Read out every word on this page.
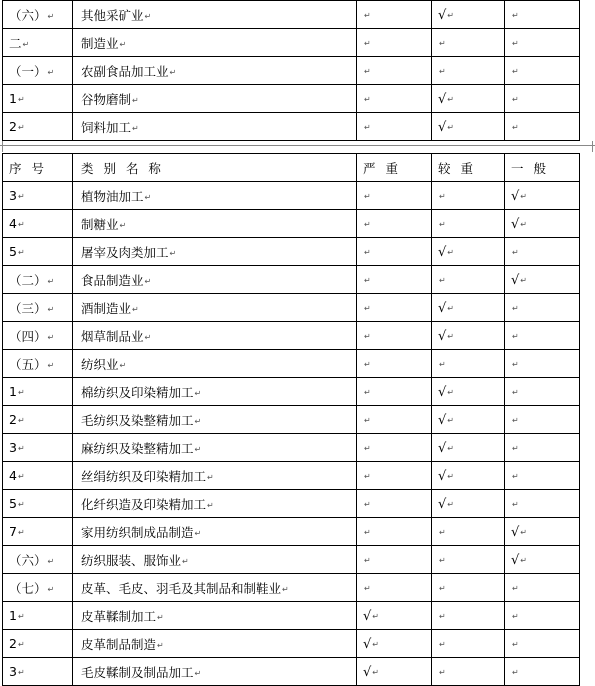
（六）↵	其他采矿业↵	↵	√↵	↵
二↵	制造业↵	↵	↵	↵
（一）↵	农副食品加工业↵	↵	↵	↵
1↵	谷物磨制↵	↵	√↵	↵
2↵	饲料加工↵	↵	√↵	↵
序 号	类 别 名 称	严 重	较 重	一 般
3↵	植物油加工↵	↵	↵	√↵
4↵	制糖业↵	↵	↵	√↵
5↵	屠宰及肉类加工↵	↵	√↵	↵
（二）↵	食品制造业↵	↵	↵	√↵
（三）↵	酒制造业↵	↵	√↵	↵
（四）↵	烟草制品业↵	↵	√↵	↵
（五）↵	纺织业↵	↵	↵	↵
1↵	棉纺织及印染精加工↵	↵	√↵	↵
2↵	毛纺织及染整精加工↵	↵	√↵	↵
3↵	麻纺织及染整精加工↵	↵	√↵	↵
4↵	丝绢纺织及印染精加工↵	↵	√↵	↵
5↵	化纤织造及印染精加工↵	↵	√↵	↵
7↵	家用纺织制成品制造↵	↵	↵	√↵
（六）↵	纺织服装、服饰业↵	↵	↵	√↵
（七）↵	皮革、毛皮、羽毛及其制品和制鞋业↵	↵	↵	↵
1↵	皮革鞣制加工↵	√↵	↵	↵
2↵	皮革制品制造↵	√↵	↵	↵
3↵	毛皮鞣制及制品加工↵	√↵	↵	↵
